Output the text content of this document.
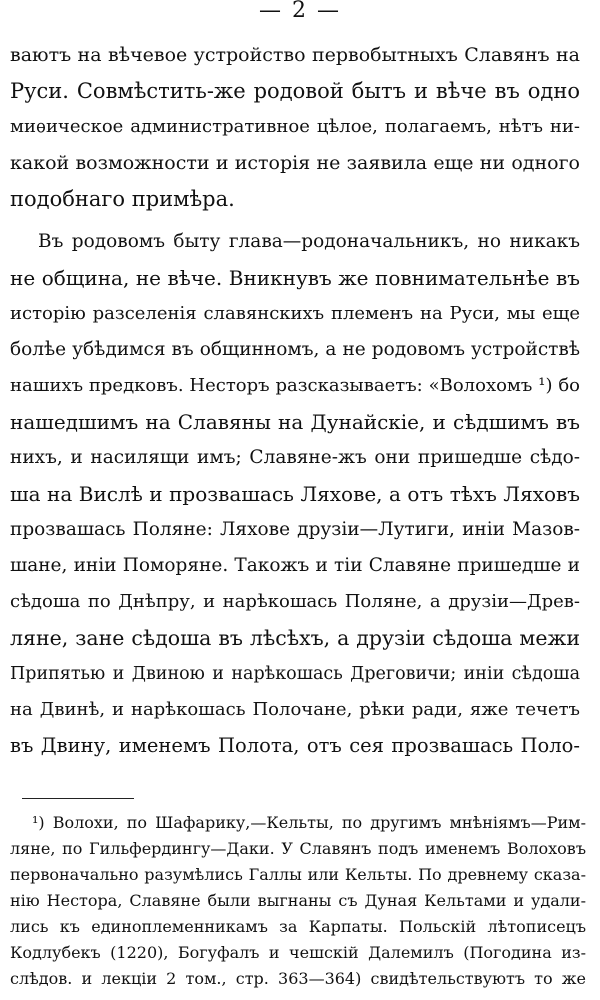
— 2 —
ваютъ на вѣчевое устройство первобытныхъ Славянъ на
Руси. Совмѣстить-же родовой бытъ и вѣче въ одно
миѳическое административное цѣлое, полагаемъ, нѣтъ ни-
какой возможности и исторія не заявила еще ни одного
подобнаго примѣра.
Въ родовомъ быту глава—родоначальникъ, но никакъ
не община, не вѣче. Вникнувъ же повнимательнѣе въ
исторію разселенія славянскихъ племенъ на Руси, мы еще
болѣе убѣдимся въ общинномъ, а не родовомъ устройствѣ
нашихъ предковъ. Несторъ разсказываетъ: «Волохомъ ¹) бо
нашедшимъ на Славяны на Дунайскіе, и сѣдшимъ въ
нихъ, и насилящи имъ; Славяне-жъ они пришедше сѣдо-
ша на Вислѣ и прозвашась Ляхове, а отъ тѣхъ Ляховъ
прозвашась Поляне: Ляхове друзіи—Лутиги, иніи Мазов-
шане, иніи Поморяне. Такожъ и тіи Славяне пришедше и
сѣдоша по Днѣпру, и нарѣкошась Поляне, а друзіи—Древ-
ляне, зане сѣдоша въ лѣсѣхъ, а друзіи сѣдоша межи
Припятью и Двиною и нарѣкошась Дреговичи; иніи сѣдоша
на Двинѣ, и нарѣкошась Полочане, рѣки ради, яже течетъ
въ Двину, именемъ Полота, отъ сея прозвашась Поло-
¹) Волохи, по Шафарику,—Кельты, по другимъ мнѣніямъ—Рим-
ляне, по Гильфердингу—Даки. У Славянъ подъ именемъ Волоховъ
первоначально разумѣлись Галлы или Кельты. По древнему сказа-
нію Нестора, Славяне были выгнаны съ Дуная Кельтами и удали-
лись къ единоплеменникамъ за Карпаты. Польскій лѣтописецъ
Кодлубекъ (1220), Богуфалъ и чешскій Далемилъ (Погодина из-
слѣдов. и лекціи 2 том., стр. 363—364) свидѣтельствуютъ то же
